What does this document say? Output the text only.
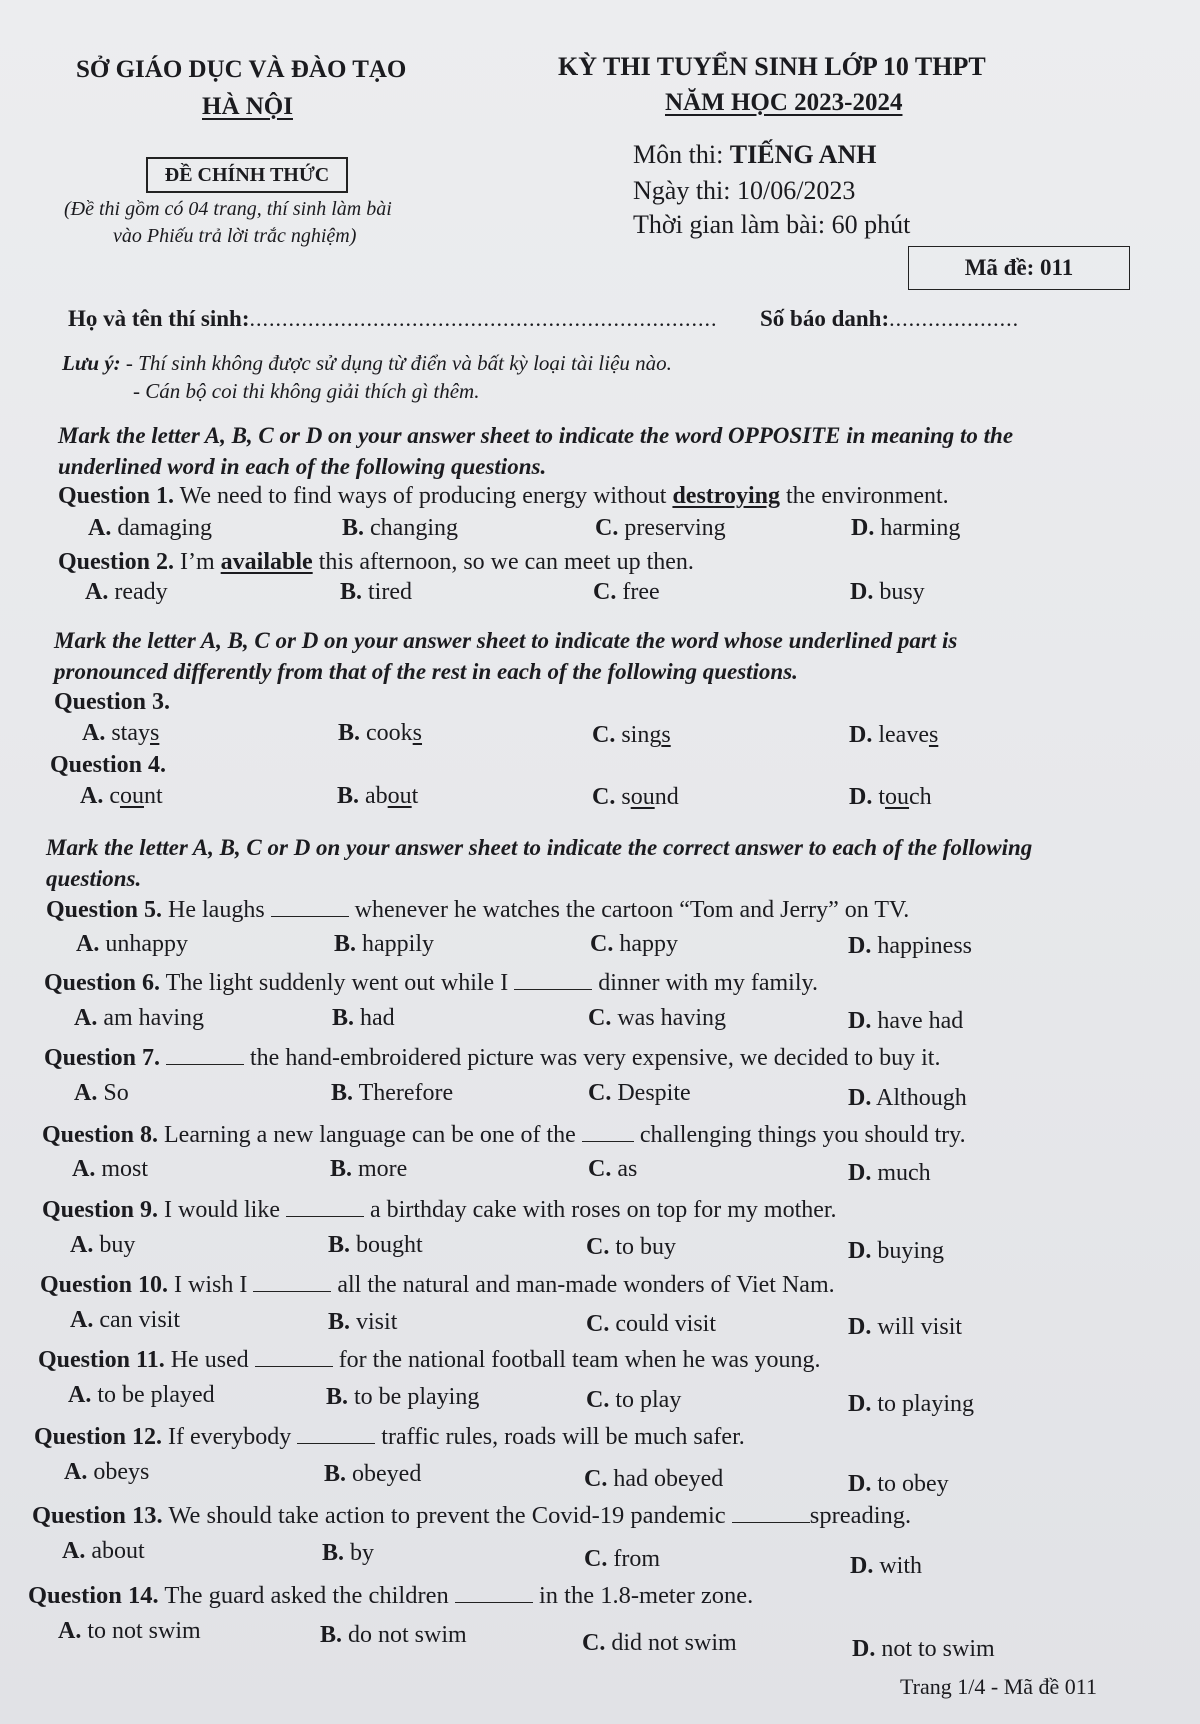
SỞ GIÁO DỤC VÀ ĐÀO TẠO
HÀ NỘI
ĐỀ CHÍNH THỨC
(Đề thi gồm có 04 trang, thí sinh làm bài
vào Phiếu trả lời trắc nghiệm)
KỲ THI TUYỂN SINH LỚP 10 THPT
NĂM HỌC 2023-2024
Môn thi: TIẾNG ANH
Ngày thi: 10/06/2023
Thời gian làm bài: 60 phút
Mã đề: 011
Họ và tên thí sinh:........................................................................ Số báo danh:....................
Lưu ý: - Thí sinh không được sử dụng từ điển và bất kỳ loại tài liệu nào.
- Cán bộ coi thi không giải thích gì thêm.
Mark the letter A, B, C or D on your answer sheet to indicate the word OPPOSITE in meaning to the
underlined word in each of the following questions.
Question 1. We need to find ways of producing energy without destroying the environment.
A. damaging	B. changing	C. preserving	D. harming
Question 2. I’m available this afternoon, so we can meet up then.
A. ready	B. tired	C. free	D. busy
Mark the letter A, B, C or D on your answer sheet to indicate the word whose underlined part is
pronounced differently from that of the rest in each of the following questions.
Question 3.
A. stays	B. cooks	C. sings	D. leaves
Question 4.
A. count	B. about	C. sound	D. touch
Mark the letter A, B, C or D on your answer sheet to indicate the correct answer to each of the following
questions.
Question 5. He laughs	whenever he watches the cartoon “Tom and Jerry” on TV.
A. unhappy	B. happily	C. happy	D. happiness
Question 6. The light suddenly went out while I	dinner with my family.
A. am having	B. had	C. was having	D. have had
Question 7.	the hand-embroidered picture was very expensive, we decided to buy it.
A. So	B. Therefore	C. Despite	D. Although
Question 8. Learning a new language can be one of the  challenging things you should try.
A. most	B. more	C. as	D. much
Question 9. I would like	a birthday cake with roses on top for my mother.
A. buy	B. bought	C. to buy	D. buying
Question 10. I wish I	all the natural and man-made wonders of Viet Nam.
A. can visit	B. visit	C. could visit	D. will visit
Question 11. He used	for the national football team when he was young.
A. to be played	B. to be playing	C. to play	D. to playing
Question 12. If everybody	traffic rules, roads will be much safer.
A. obeys	B. obeyed	C. had obeyed	D. to obey
Question 13. We should take action to prevent the Covid-19 pandemic	spreading.
A. about	B. by	C. from	D. with
Question 14. The guard asked the children	in the 1.8-meter zone.
A. to not swim	B. do not swim	C. did not swim	D. not to swim
Trang 1/4 - Mã đề 011
